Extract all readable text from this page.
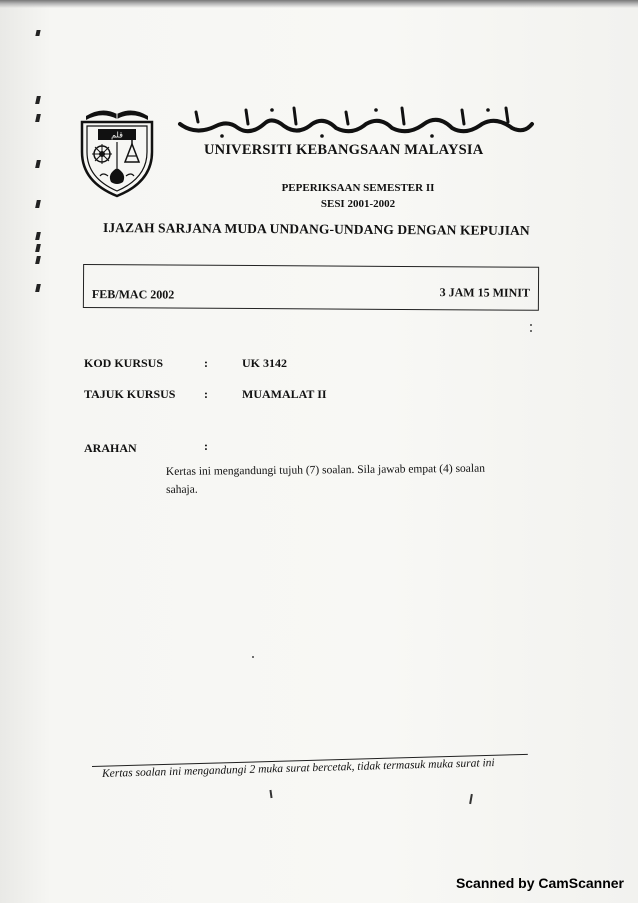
ﻗﻠﻢ
UNIVERSITI KEBANGSAAN MALAYSIA
PEPERIKSAAN SEMESTER II
SESI 2001-2002
IJAZAH SARJANA MUDA UNDANG-UNDANG DENGAN KEPUJIAN
FEB/MAC 2002	3 JAM 15 MINIT
KOD KURSUS	:	UK 3142
TAJUK KURSUS :	MUAMALAT II
ARAHAN	:
Kertas ini mengandungi tujuh (7) soalan. Sila jawab empat (4) soalan
sahaja.
Kertas soalan ini mengandungi 2 muka surat bercetak, tidak termasuk muka surat ini
Scanned by CamScanner
